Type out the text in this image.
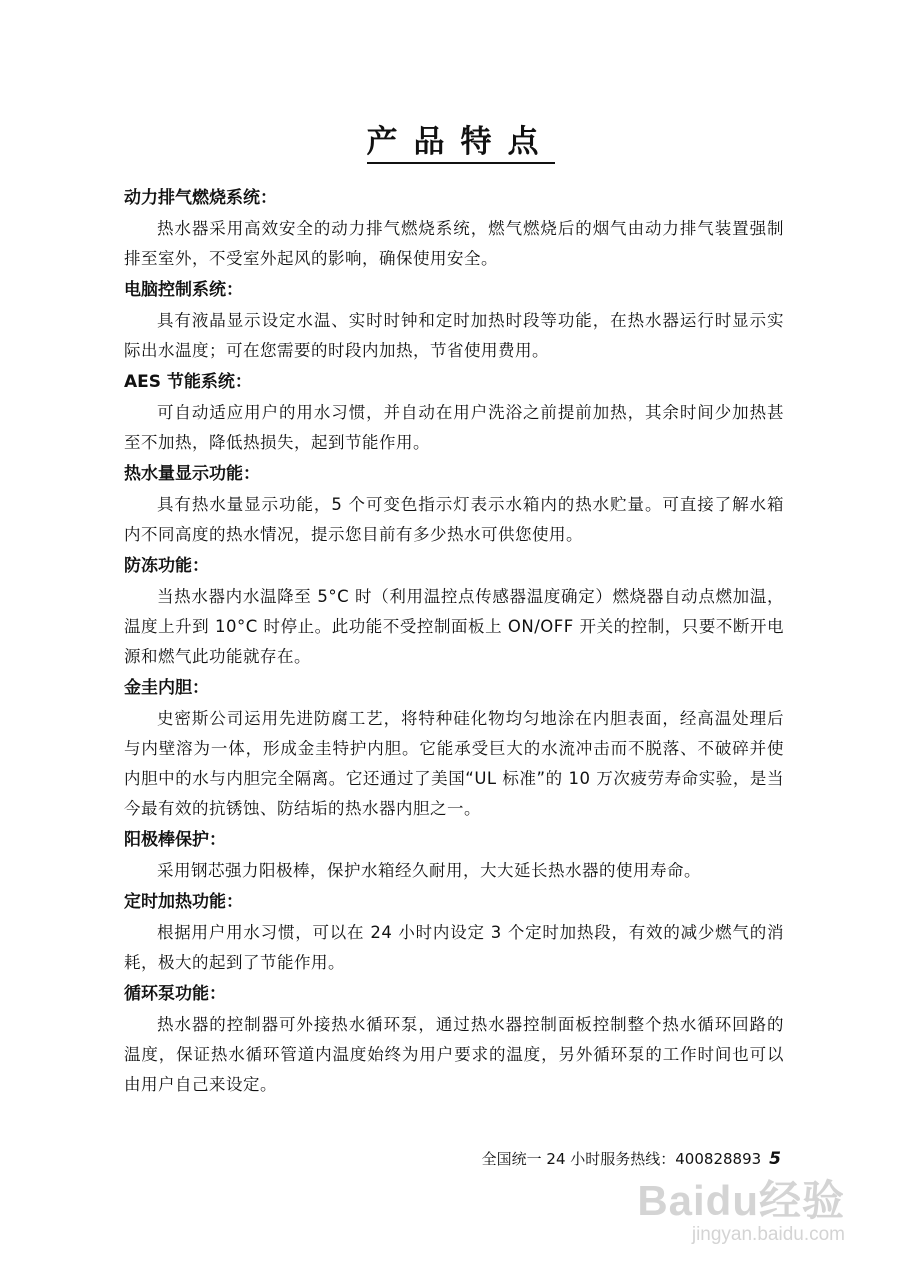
产品特点
动力排气燃烧系统：
热水器采用高效安全的动力排气燃烧系统，燃气燃烧后的烟气由动力排气装置强制排至室外，不受室外起风的影响，确保使用安全。
电脑控制系统：
具有液晶显示设定水温、实时时钟和定时加热时段等功能，在热水器运行时显示实际出水温度；可在您需要的时段内加热，节省使用费用。
AES 节能系统：
可自动适应用户的用水习惯，并自动在用户洗浴之前提前加热，其余时间少加热甚至不加热，降低热损失，起到节能作用。
热水量显示功能：
具有热水量显示功能，5 个可变色指示灯表示水箱内的热水贮量。可直接了解水箱内不同高度的热水情况，提示您目前有多少热水可供您使用。
防冻功能：
当热水器内水温降至 5°C 时（利用温控点传感器温度确定）燃烧器自动点燃加温，温度上升到 10°C 时停止。此功能不受控制面板上 ON/OFF 开关的控制，只要不断开电源和燃气此功能就存在。
金圭内胆：
史密斯公司运用先进防腐工艺，将特种硅化物均匀地涂在内胆表面，经高温处理后与内壁溶为一体，形成金圭特护内胆。它能承受巨大的水流冲击而不脱落、不破碎并使内胆中的水与内胆完全隔离。它还通过了美国“UL 标准”的 10 万次疲劳寿命实验，是当今最有效的抗锈蚀、防结垢的热水器内胆之一。
阳极棒保护：
采用钢芯强力阳极棒，保护水箱经久耐用，大大延长热水器的使用寿命。
定时加热功能：
根据用户用水习惯，可以在 24 小时内设定 3 个定时加热段，有效的减少燃气的消耗，极大的起到了节能作用。
循环泵功能：
热水器的控制器可外接热水循环泵，通过热水器控制面板控制整个热水循环回路的温度，保证热水循环管道内温度始终为用户要求的温度，另外循环泵的工作时间也可以由用户自己来设定。
全国统一 24 小时服务热线：400828893 5
Baidu经验
jingyan.baidu.com
